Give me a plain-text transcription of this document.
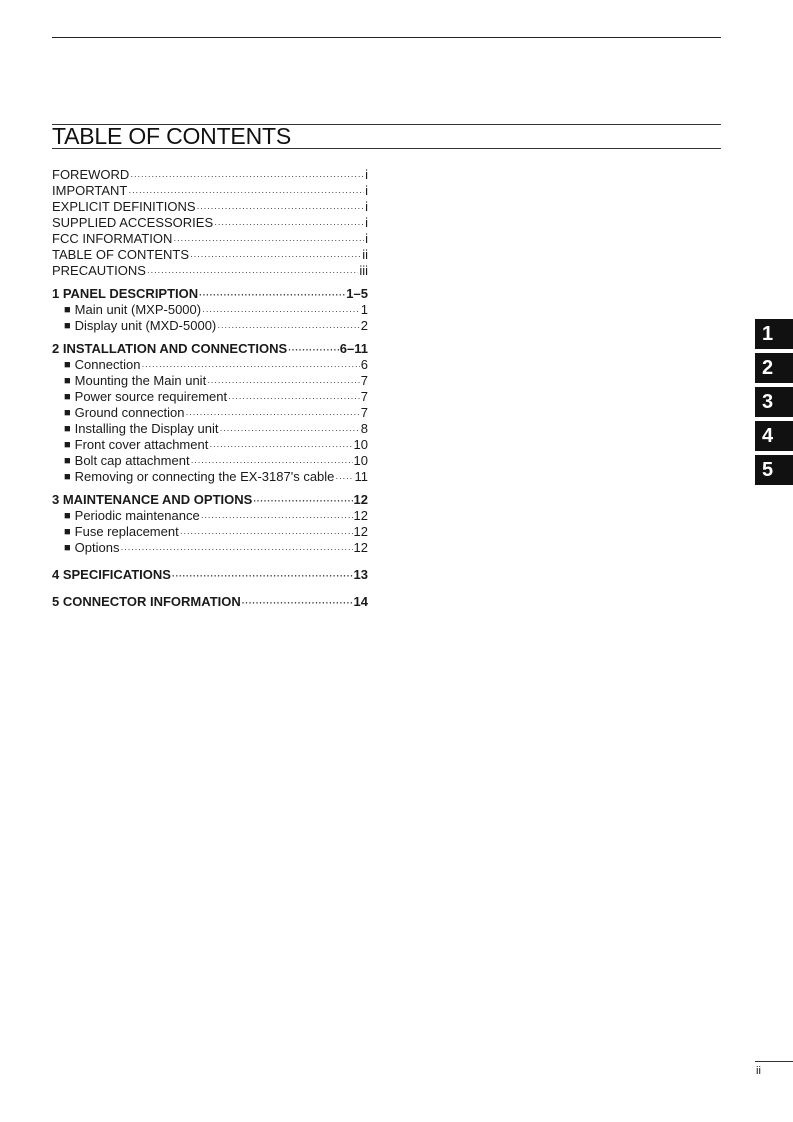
TABLE OF CONTENTS
FOREWORD ·····	i
IMPORTANT ·····	i
EXPLICIT DEFINITIONS ·····	i
SUPPLIED ACCESSORIES ·····	i
FCC INFORMATION ·····	i
TABLE OF CONTENTS ·····	ii
PRECAUTIONS ·····	iii
1 PANEL DESCRIPTION ·····	1–5
■ Main unit (MXP-5000) ·····	1
■ Display unit (MXD-5000) ·····	2
2 INSTALLATION AND CONNECTIONS ·····	6–11
■ Connection ·····	6
■ Mounting the Main unit ·····	7
■ Power source requirement ·····	7
■ Ground connection ·····	7
■ Installing the Display unit ·····	8
■ Front cover attachment ·····	10
■ Bolt cap attachment ·····	10
■ Removing or connecting the EX-3187's cable ····· 11
3 MAINTENANCE AND OPTIONS ·····	12
■ Periodic maintenance ·····	12
■ Fuse replacement ·····	12
■ Options ·····	12
4 SPECIFICATIONS ·····	13
5 CONNECTOR INFORMATION ·····	14
1
2
3
4
5
ii
